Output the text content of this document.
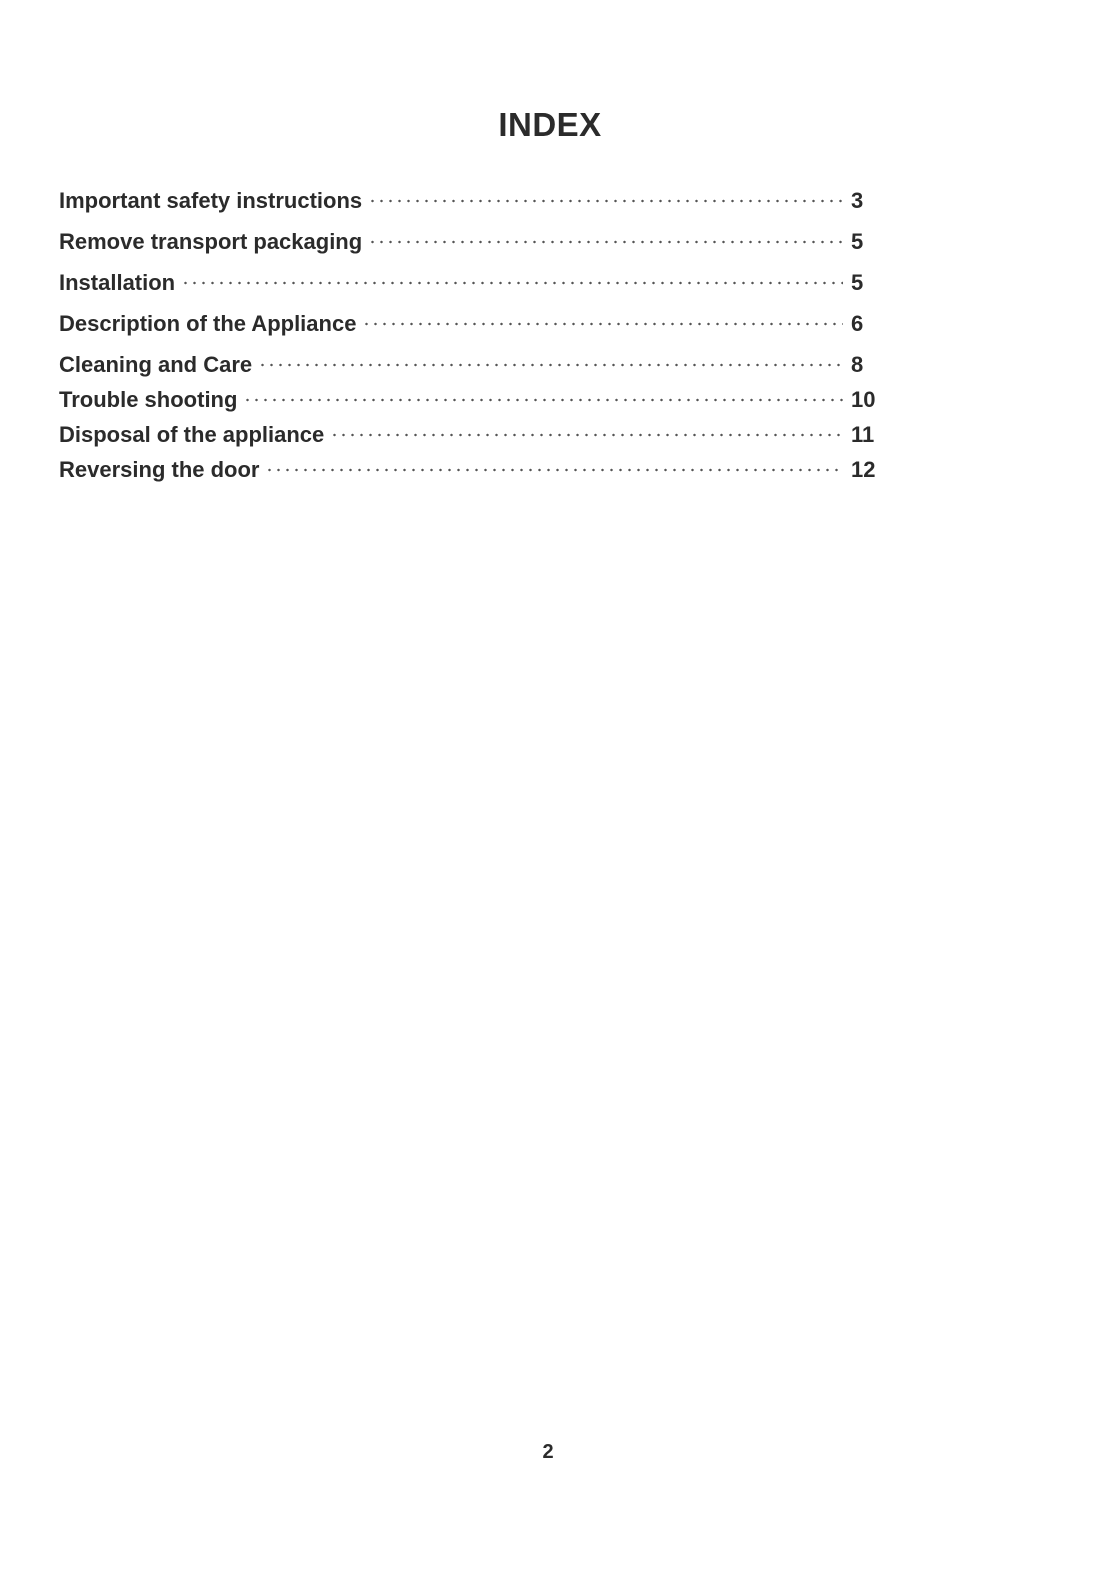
INDEX
Important safety instructions	3
Remove transport packaging	5
Installation	5
Description of the Appliance	6
Cleaning and Care	8
Trouble shooting	10
Disposal of the appliance	11
Reversing the door	12
2
